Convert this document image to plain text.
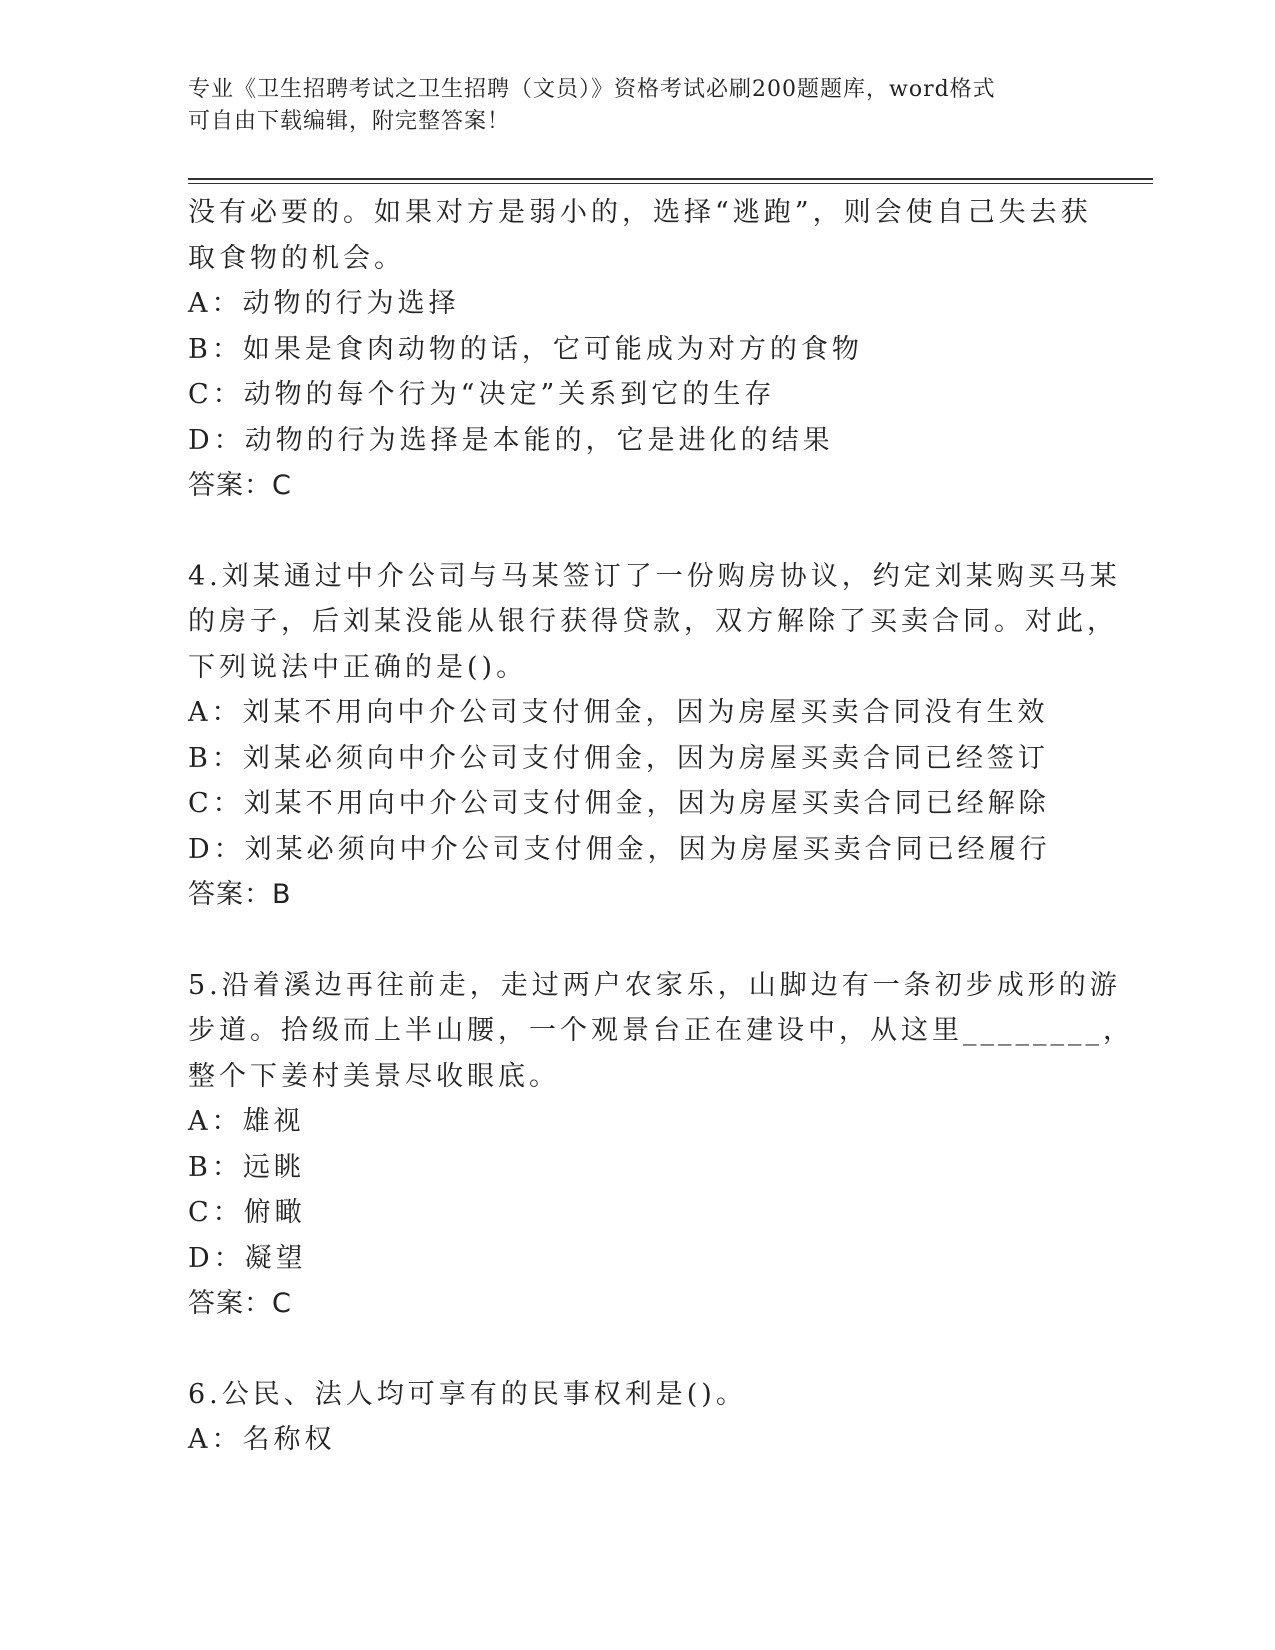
专业《卫生招聘考试之卫生招聘（文员）》资格考试必刷200题题库，word格式
可自由下载编辑，附完整答案！
没有必要的。如果对方是弱小的，选择“逃跑”，则会使自己失去获
取食物的机会。
A：动物的行为选择
B：如果是食肉动物的话，它可能成为对方的食物
C：动物的每个行为“决定”关系到它的生存
D：动物的行为选择是本能的，它是进化的结果
答案：C
4.刘某通过中介公司与马某签订了一份购房协议，约定刘某购买马某
的房子，后刘某没能从银行获得贷款，双方解除了买卖合同。对此，
下列说法中正确的是()。
A：刘某不用向中介公司支付佣金，因为房屋买卖合同没有生效
B：刘某必须向中介公司支付佣金，因为房屋买卖合同已经签订
C：刘某不用向中介公司支付佣金，因为房屋买卖合同已经解除
D：刘某必须向中介公司支付佣金，因为房屋买卖合同已经履行
答案：B
5.沿着溪边再往前走，走过两户农家乐，山脚边有一条初步成形的游
步道。拾级而上半山腰，一个观景台正在建设中，从这里________，
整个下姜村美景尽收眼底。
A：雄视
B：远眺
C：俯瞰
D：凝望
答案：C
6.公民、法人均可享有的民事权利是()。
A：名称权
